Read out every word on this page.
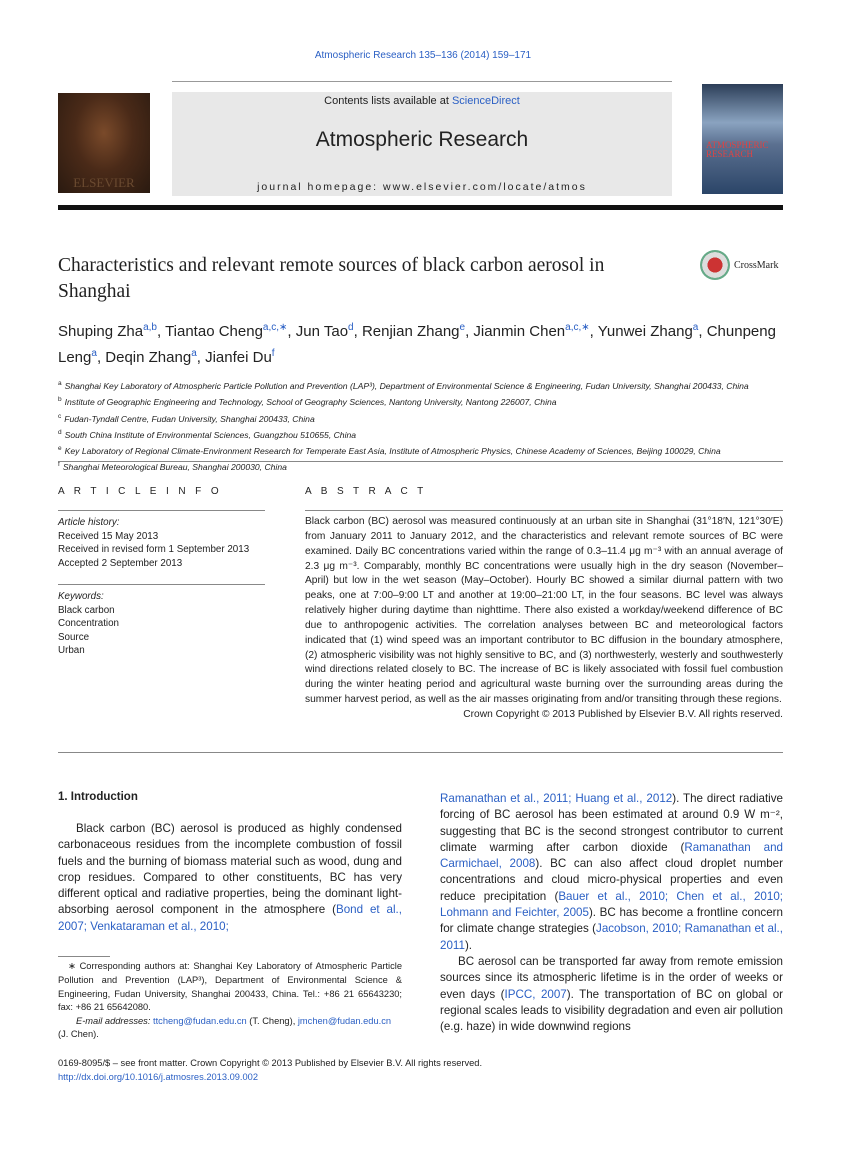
Atmospheric Research 135–136 (2014) 159–171
ELSEVIER
Contents lists available at ScienceDirect
Atmospheric Research
journal homepage: www.elsevier.com/locate/atmos
ATMOSPHERIC RESEARCH
CrossMark
Characteristics and relevant remote sources of black carbon aerosol in Shanghai
Shuping Zha$^{a,b}$, Tiantao Cheng$^{a,c,∗}$, Jun Tao$^d$, Renjian Zhang$^e$, Jianmin Chen$^{a,c,∗}$, Yunwei Zhang$^a$, Chunpeng Leng$^a$, Deqin Zhang$^a$, Jianfei Du$^f$
$^a$ Shanghai Key Laboratory of Atmospheric Particle Pollution and Prevention (LAP³), Department of Environmental Science & Engineering, Fudan University, Shanghai 200433, China
$^b$ Institute of Geographic Engineering and Technology, School of Geography Sciences, Nantong University, Nantong 226007, China
$^c$ Fudan-Tyndall Centre, Fudan University, Shanghai 200433, China
$^d$ South China Institute of Environmental Sciences, Guangzhou 510655, China
$^e$ Key Laboratory of Regional Climate-Environment Research for Temperate East Asia, Institute of Atmospheric Physics, Chinese Academy of Sciences, Beijing 100029, China
$^f$ Shanghai Meteorological Bureau, Shanghai 200030, China
A R T I C L E I N F O	A B S T R A C T
Article history:
Received 15 May 2013
Received in revised form 1 September 2013
Accepted 2 September 2013
Keywords:
Black carbon
Concentration
Source
Urban
Black carbon (BC) aerosol was measured continuously at an urban site in Shanghai (31°18′N, 121°30′E) from January 2011 to January 2012, and the characteristics and relevant remote sources of BC were examined. Daily BC concentrations varied within the range of 0.3–11.4 μg m⁻³ with an annual average of 2.3 μg m⁻³. Comparably, monthly BC concentrations were usually high in the dry season (November–April) but low in the wet season (May–October). Hourly BC showed a similar diurnal pattern with two peaks, one at 7:00–9:00 LT and another at 19:00–21:00 LT, in the four seasons. BC level was always relatively higher during daytime than nighttime. There also existed a workday/weekend difference of BC due to anthropogenic activities. The correlation analyses between BC and meteorological factors indicated that (1) wind speed was an important contributor to BC diffusion in the boundary atmosphere, (2) atmospheric visibility was not highly sensitive to BC, and (3) northwesterly, westerly and southwesterly wind directions related closely to BC. The increase of BC is likely associated with fossil fuel combustion during the winter heating period and agricultural waste burning over the surrounding areas during the summer harvest period, as well as the air masses originating from and/or transiting through these regions.
Crown Copyright © 2013 Published by Elsevier B.V. All rights reserved.
1. Introduction
Black carbon (BC) aerosol is produced as highly condensed carbonaceous residues from the incomplete combustion of fossil fuels and the burning of biomass material such as wood, dung and crop residues. Compared to other constituents, BC has very different optical and radiative properties, being the dominant light-absorbing aerosol component in the atmosphere (Bond et al., 2007; Venkataraman et al., 2010;
∗ Corresponding authors at: Shanghai Key Laboratory of Atmospheric Particle Pollution and Prevention (LAP³), Department of Environmental Science & Engineering, Fudan University, Shanghai 200433, China. Tel.: +86 21 65643230; fax: +86 21 65642080.
E-mail addresses: ttcheng@fudan.edu.cn (T. Cheng), jmchen@fudan.edu.cn (J. Chen).
0169-8095/$ – see front matter. Crown Copyright © 2013 Published by Elsevier B.V. All rights reserved.
http://dx.doi.org/10.1016/j.atmosres.2013.09.002
Ramanathan et al., 2011; Huang et al., 2012). The direct radiative forcing of BC aerosol has been estimated at around 0.9 W m⁻², suggesting that BC is the second strongest contributor to current climate warming after carbon dioxide (Ramanathan and Carmichael, 2008). BC can also affect cloud droplet number concentrations and cloud micro-physical properties and even reduce precipitation (Bauer et al., 2010; Chen et al., 2010; Lohmann and Feichter, 2005). BC has become a frontline concern for climate change strategies (Jacobson, 2010; Ramanathan et al., 2011).
BC aerosol can be transported far away from remote emission sources since its atmospheric lifetime is in the order of weeks or even days (IPCC, 2007). The transportation of BC on global or regional scales leads to visibility degradation and even air pollution (e.g. haze) in wide downwind regions
